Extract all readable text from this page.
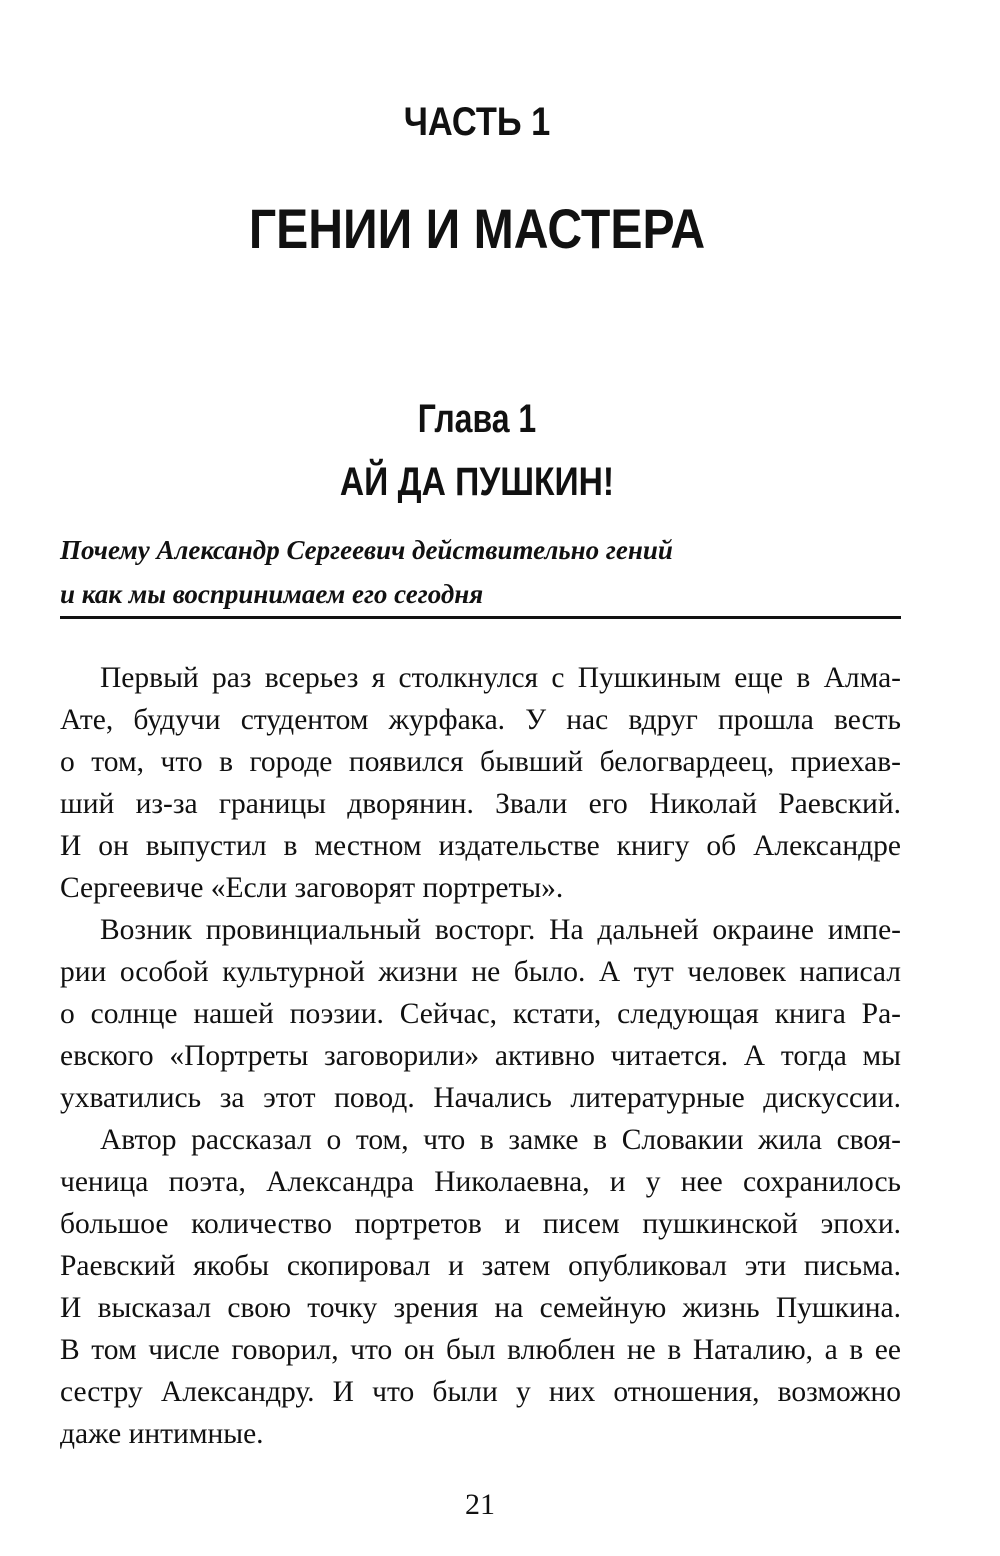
ЧАСТЬ 1
ГЕНИИ И МАСТЕРА
Глава 1
АЙ ДА ПУШКИН!
Почему Александр Сергеевич действительно гений
и как мы воспринимаем его сегодня

Первый раз всерьез я столкнулся с Пушкиным еще в Алма-
Ате, будучи студентом журфака. У нас вдруг прошла весть
о том, что в городе появился бывший белогвардеец, приехав-
ший из-за границы дворянин. Звали его Николай Раевский.
И он выпустил в местном издательстве книгу об Александре
Сергеевиче «Если заговорят портреты».

Возник провинциальный восторг. На дальней окраине импе-
рии особой культурной жизни не было. А тут человек написал
о солнце нашей поэзии. Сейчас, кстати, следующая книга Ра-
евского «Портреты заговорили» активно читается. А тогда мы
ухватились за этот повод. Начались литературные дискуссии.

Автор рассказал о том, что в замке в Словакии жила своя-
ченица поэта, Александра Николаевна, и у нее сохранилось
большое количество портретов и писем пушкинской эпохи.
Раевский якобы скопировал и затем опубликовал эти письма.
И высказал свою точку зрения на семейную жизнь Пушкина.
В том числе говорил, что он был влюблен не в Наталию, а в ее
сестру Александру. И что были у них отношения, возможно
даже интимные.

21
